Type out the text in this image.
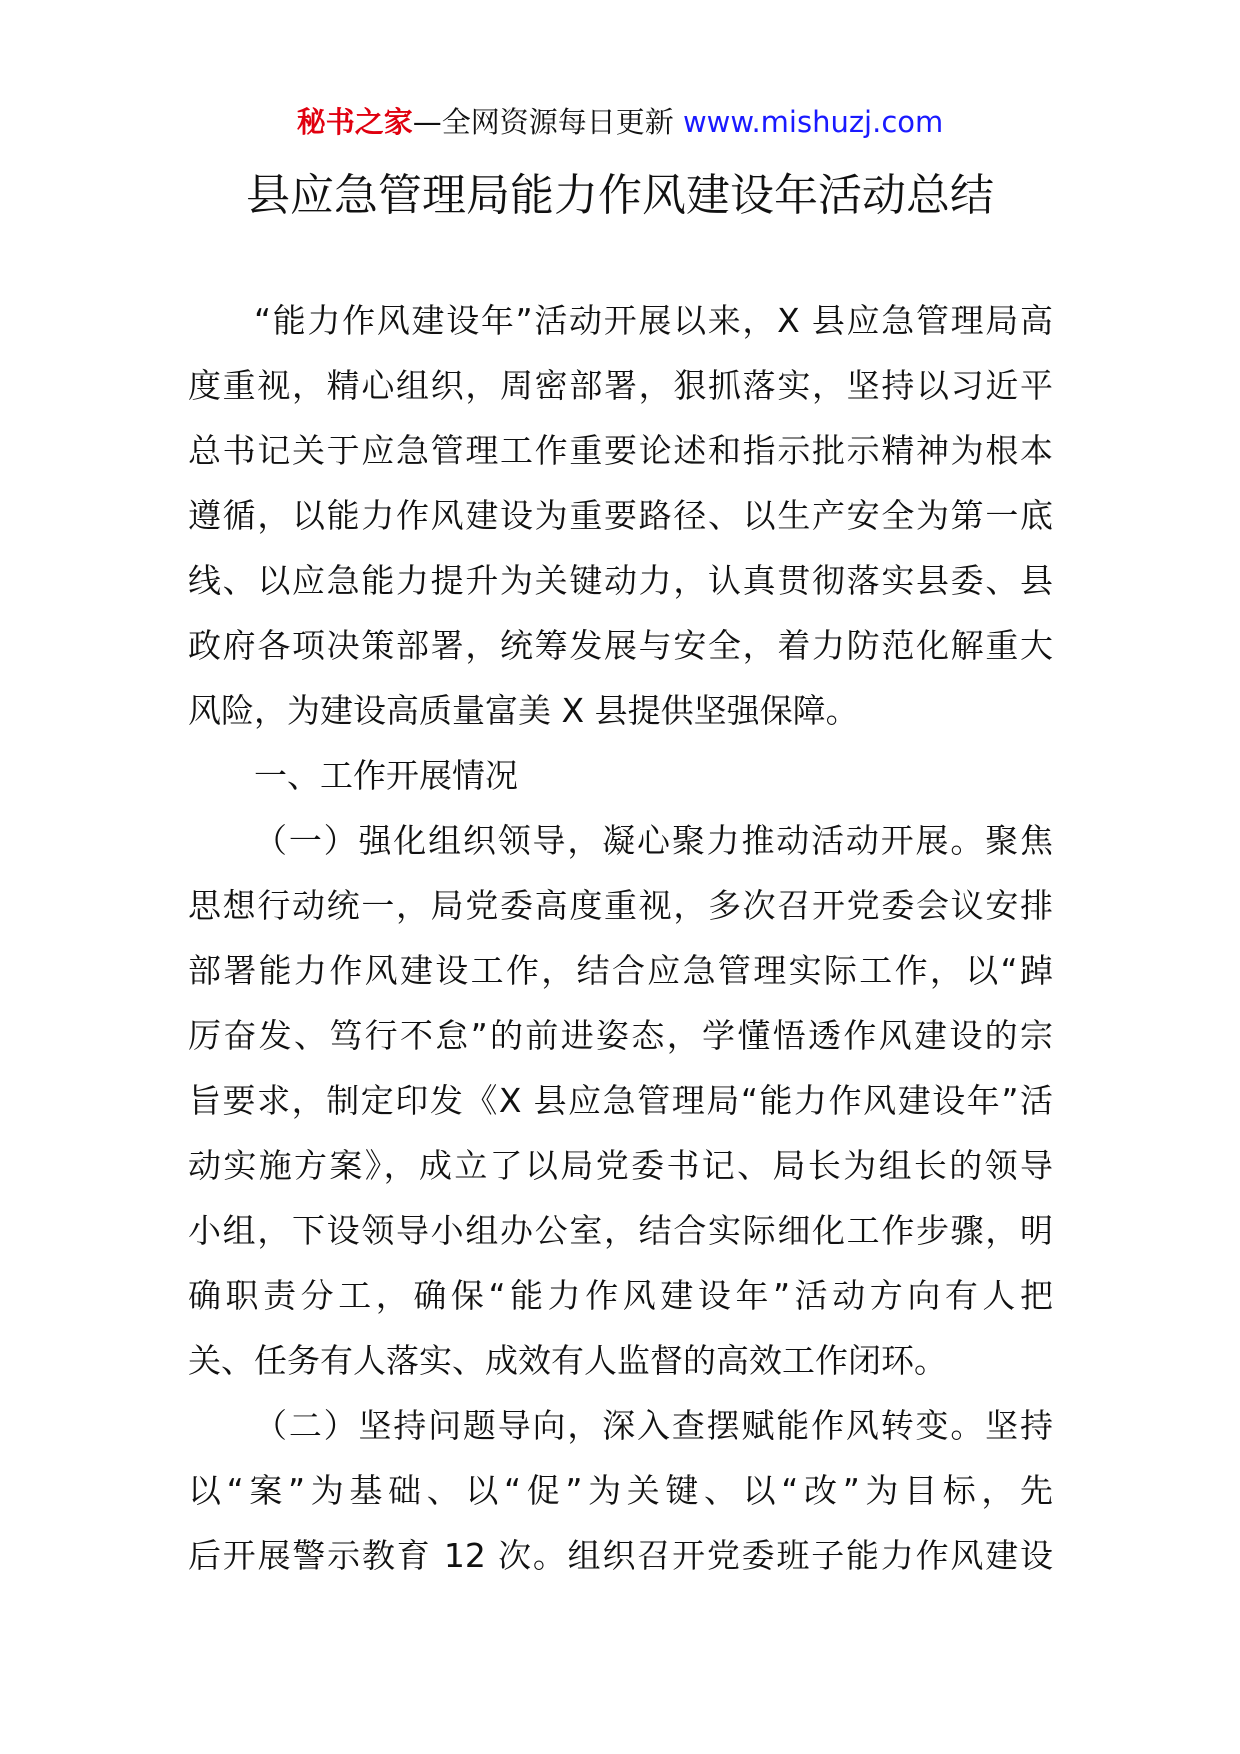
秘书之家—全网资源每日更新 www.mishuzj.com
县应急管理局能力作风建设年活动总结
“能力作风建设年”活动开展以来，X 县应急管理局高
度重视，精心组织，周密部署，狠抓落实，坚持以习近平
总书记关于应急管理工作重要论述和指示批示精神为根本
遵循，以能力作风建设为重要路径、以生产安全为第一底
线、以应急能力提升为关键动力，认真贯彻落实县委、县
政府各项决策部署，统筹发展与安全，着力防范化解重大
风险，为建设高质量富美 X 县提供坚强保障。
一、工作开展情况
（一）强化组织领导，凝心聚力推动活动开展。聚焦
思想行动统一，局党委高度重视，多次召开党委会议安排
部署能力作风建设工作，结合应急管理实际工作，以“踔
厉奋发、笃行不怠”的前进姿态，学懂悟透作风建设的宗
旨要求，制定印发《X 县应急管理局“能力作风建设年”活
动实施方案》，成立了以局党委书记、局长为组长的领导
小组，下设领导小组办公室，结合实际细化工作步骤，明
确职责分工，确保“能力作风建设年”活动方向有人把
关、任务有人落实、成效有人监督的高效工作闭环。
（二）坚持问题导向，深入查摆赋能作风转变。坚持
以“案”为基础、以“促”为关键、以“改”为目标，先
后开展警示教育 12 次。组织召开党委班子能力作风建设
